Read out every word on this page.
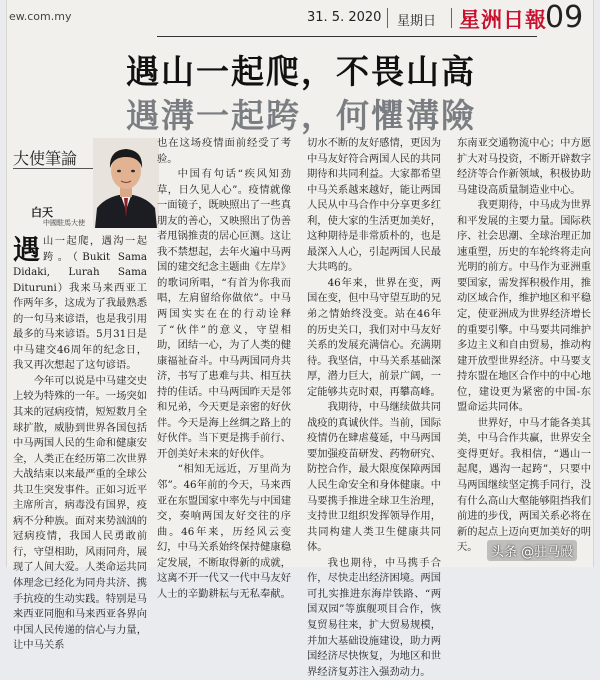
ew.com.my	31. 5. 2020 星期日 星洲日報
09
遇山一起爬，不畏山高
遇溝一起跨，何懼溝險
大使筆論
白天
中國駐馬大使

遇山一起爬，遇沟一起跨。（Bukit Sama Didaki, Lurah Sama Dituruni）我来马来西亚工作两年多，这成为了我最熟悉的一句马来谚语，也是我引用最多的马来谚语。5月31日是中马建交46周年的纪念日，我又再次想起了这句谚语。

今年可以说是中马建交史上较为特殊的一年。一场突如其来的冠病疫情，短短数月全球扩散，威胁到世界各国包括中马两国人民的生命和健康安全，人类正在经历第二次世界大战结束以来最严重的全球公共卫生突发事件。正如习近平主席所言，病毒没有国界，疫病不分种族。面对来势汹汹的冠病疫情，我国人民勇敢前行，守望相助，风雨同舟，展现了人间大爱。人类命运共同体理念已经化为同舟共济、携手抗疫的生动实践。特别是马来西亚同胞和马来西亚各界向中国人民传递的信心与力量，让中马关系

也在这场疫情面前经受了考验。

中国有句话“疾风知劲草，日久见人心”。疫情就像一面镜子，既映照出了一些真朋友的善心，又映照出了伪善者甩锅推责的居心叵测。这让我不禁想起，去年火遍中马两国的建交纪念主题曲《左岸》的歌词所唱，“有首为你我而唱，左肩留给你做依”。中马两国实实在在的行动诠释了“伙伴”的意义，守望相助，团结一心，为了人类的健康福祉奋斗。中马两国同舟共济，书写了患难与共、相互扶持的佳话。中马两国昨天是邻和兄弟，今天更是亲密的好伙伴。今天是海上丝绸之路上的好伙伴。当下更是携手前行、开创美好未来的好伙伴。

“相知无远近，万里尚为邻”。46年前的今天，马来西亚在东盟国家中率先与中国建交，奏响两国友好交往的序曲。46年来，历经风云变幻，中马关系始终保持健康稳定发展，不断取得新的成就，这离不开一代又一代中马友好人士的辛勤耕耘与无私奉献。

切水不断的友好感情，更因为中马友好符合两国人民的共同期待和共同利益。大家都希望中马关系越来越好，能让两国人民从中马合作中分享更多红利，使大家的生活更加美好，这种期待是非常质朴的，也是最深入人心，引起两国人民最大共鸣的。

46年来，世界在变，两国在变，但中马守望互助的兄弟之情始终没变。站在46年的历史关口，我们对中马友好关系的发展充满信心。充满期待。我坚信，中马关系基础深厚，潜力巨大，前景广阔，一定能够共克时艰，再攀高峰。

我期待，中马继续做共同战疫的真诚伙伴。当前，国际疫情仍在肆虐蔓延，中马两国要加强疫苗研发、药物研究、防控合作，最大限度保障两国人民生命安全和身体健康。中马要携手推进全球卫生治理，支持世卫组织发挥领导作用，共同构建人类卫生健康共同体。

我也期待，中马携手合作，尽快走出经济困境。两国可扎实推进东海岸铁路、“两国双园”等旗舰项目合作，恢复贸易往来，扩大贸易规模，并加大基础设施建设，助力两国经济尽快恢复，为地区和世界经济复苏注入强劲动力。

东南亚交通物流中心；中方愿扩大对马投资，不断开辟数字经济等合作新领域，积极协助马建设高质量制造业中心。

我更期待，中马成为世界和平发展的主要力量。国际秩序、社会思潮、全球治理正加速重塑，历史的车轮终将走向光明的前方。中马作为亚洲重要国家，需发挥积极作用，推动区域合作，维护地区和平稳定，使亚洲成为世界经济增长的重要引擎。中马要共同维护多边主义和自由贸易，推动构建开放型世界经济。中马要支持东盟在地区合作中的中心地位，建设更为紧密的中国-东盟命运共同体。

世界好，中马才能各美其美，中马合作共赢，世界安全变得更好。我相信，“遇山一起爬，遇沟一起跨”，只要中马两国继续坚定携手同行，没有什么高山大壑能够阻挡我们前进的步伐，两国关系必将在新的起点上迈向更加美好的明天。	头条 @驻马殿
